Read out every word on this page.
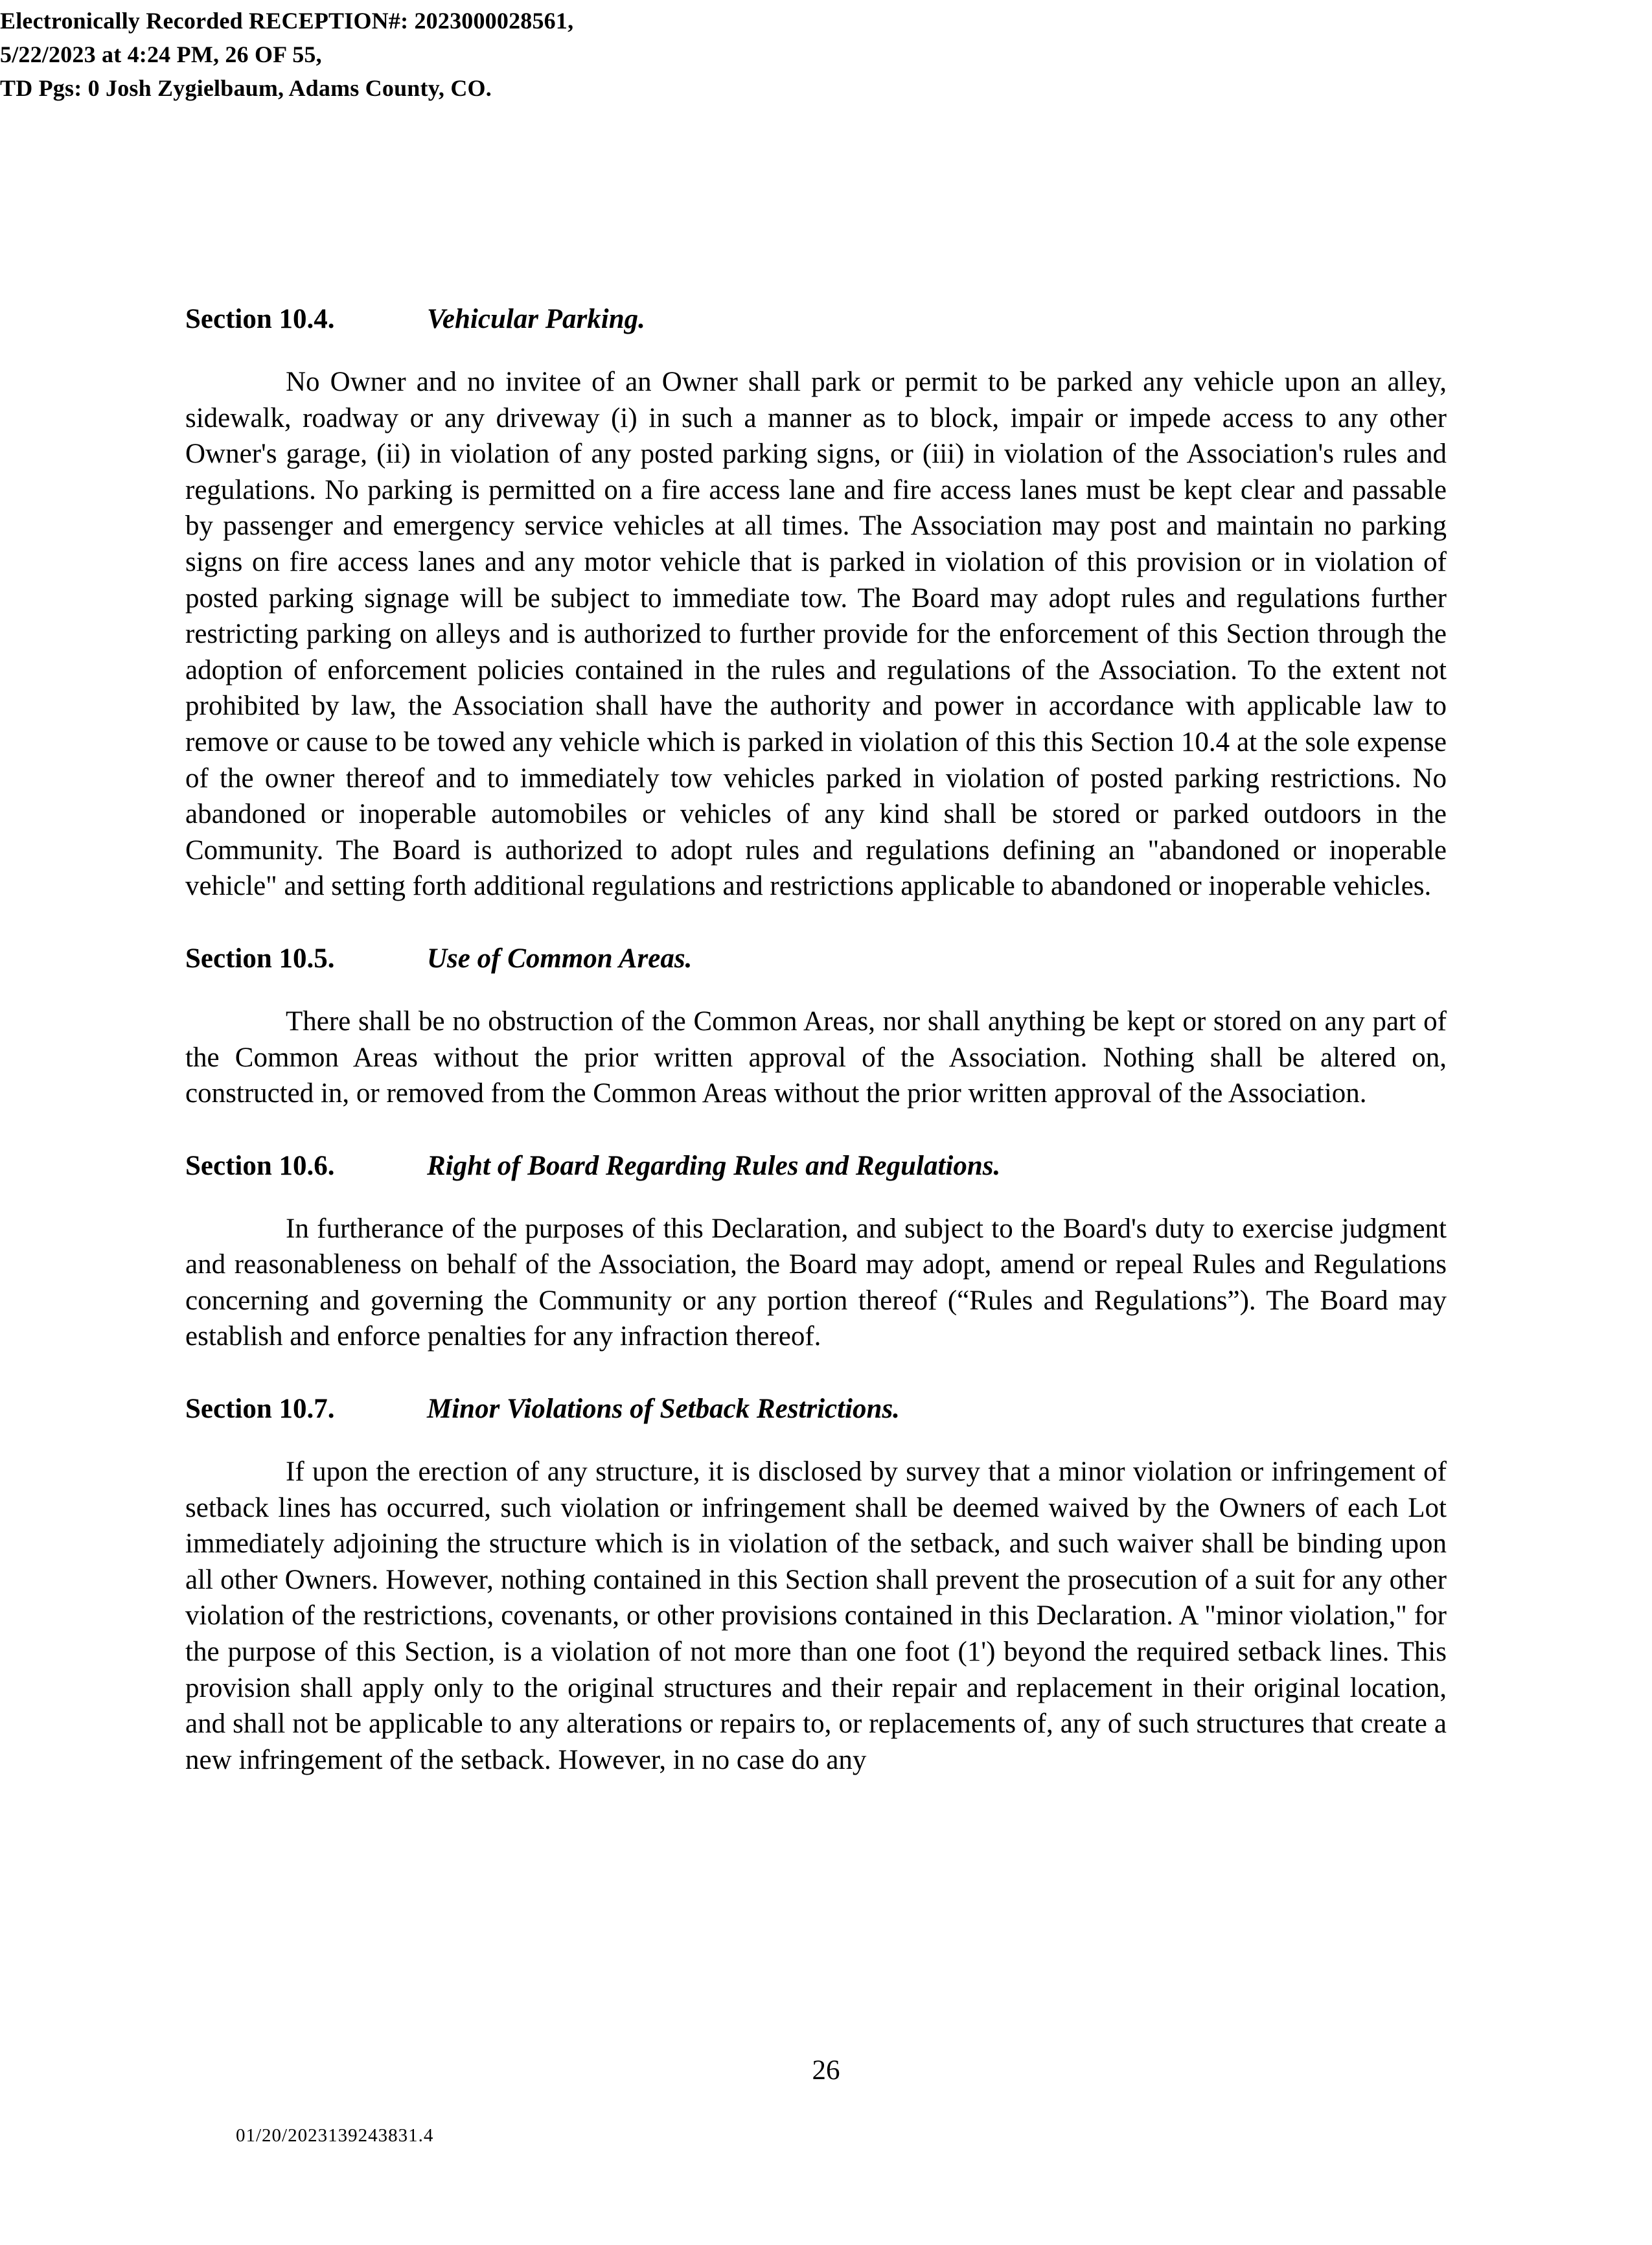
Electronically Recorded RECEPTION#: 2023000028561,
5/22/2023 at 4:24 PM, 26 OF 55,
TD Pgs: 0 Josh Zygielbaum, Adams County, CO.
Section 10.4.	Vehicular Parking.

No Owner and no invitee of an Owner shall park or permit to be parked any vehicle upon an alley, sidewalk, roadway or any driveway (i) in such a manner as to block, impair or impede access to any other Owner's garage, (ii) in violation of any posted parking signs, or (iii) in violation of the Association's rules and regulations. No parking is permitted on a fire access lane and fire access lanes must be kept clear and passable by passenger and emergency service vehicles at all times. The Association may post and maintain no parking signs on fire access lanes and any motor vehicle that is parked in violation of this provision or in violation of posted parking signage will be subject to immediate tow. The Board may adopt rules and regulations further restricting parking on alleys and is authorized to further provide for the enforcement of this Section through the adoption of enforcement policies contained in the rules and regulations of the Association. To the extent not prohibited by law, the Association shall have the authority and power in accordance with applicable law to remove or cause to be towed any vehicle which is parked in violation of this this Section 10.4 at the sole expense of the owner thereof and to immediately tow vehicles parked in violation of posted parking restrictions. No abandoned or inoperable automobiles or vehicles of any kind shall be stored or parked outdoors in the Community. The Board is authorized to adopt rules and regulations defining an "abandoned or inoperable vehicle" and setting forth additional regulations and restrictions applicable to abandoned or inoperable vehicles.

Section 10.5.	Use of Common Areas.

There shall be no obstruction of the Common Areas, nor shall anything be kept or stored on any part of the Common Areas without the prior written approval of the Association. Nothing shall be altered on, constructed in, or removed from the Common Areas without the prior written approval of the Association.

Section 10.6.	Right of Board Regarding Rules and Regulations.

In furtherance of the purposes of this Declaration, and subject to the Board's duty to exercise judgment and reasonableness on behalf of the Association, the Board may adopt, amend or repeal Rules and Regulations concerning and governing the Community or any portion thereof (“Rules and Regulations”). The Board may establish and enforce penalties for any infraction thereof.

Section 10.7.	Minor Violations of Setback Restrictions.

If upon the erection of any structure, it is disclosed by survey that a minor violation or infringement of setback lines has occurred, such violation or infringement shall be deemed waived by the Owners of each Lot immediately adjoining the structure which is in violation of the setback, and such waiver shall be binding upon all other Owners. However, nothing contained in this Section shall prevent the prosecution of a suit for any other violation of the restrictions, covenants, or other provisions contained in this Declaration. A "minor violation," for the purpose of this Section, is a violation of not more than one foot (1') beyond the required setback lines. This provision shall apply only to the original structures and their repair and replacement in their original location, and shall not be applicable to any alterations or repairs to, or replacements of, any of such structures that create a new infringement of the setback. However, in no case do any

26
01/20/2023139243831.4
